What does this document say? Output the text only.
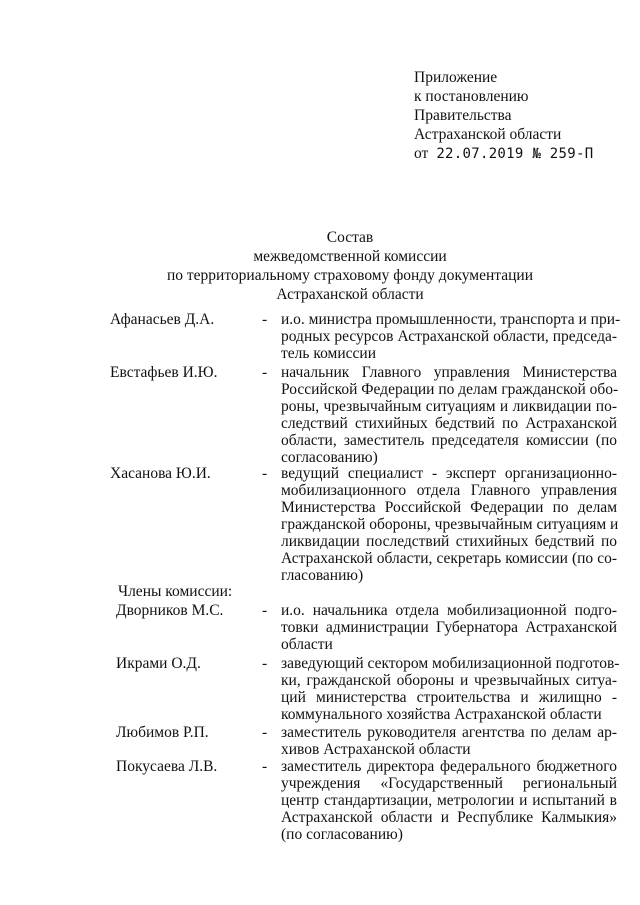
Приложение
к постановлению
Правительства
Астраханской области
от 22.07.2019 № 259-П
Состав
межведомственной комиссии
по территориальному страховому фонду документации
Астраханской области
Афанасьев Д.А.	- и.о. министра промышленности, транспорта и при-
родных ресурсов Астраханской области, председа-
тель комиссии
Евстафьев И.Ю.	- начальник Главного управления Министерства
Российской Федерации по делам гражданской обо-
роны, чрезвычайным ситуациям и ликвидации по-
следствий стихийных бедствий по Астраханской
области, заместитель председателя комиссии (по
согласованию)
Хасанова Ю.И.	- ведущий специалист - эксперт организационно-
мобилизационного отдела Главного управления
Министерства Российской Федерации по делам
гражданской обороны, чрезвычайным ситуациям и
ликвидации последствий стихийных бедствий по
Астраханской области, секретарь комиссии (по со-
гласованию)
Члены комиссии:
Дворников М.С. - и.о. начальника отдела мобилизационной подго-
товки администрации Губернатора Астраханской
области
Икрами О.Д.	- заведующий сектором мобилизационной подготов-
ки, гражданской обороны и чрезвычайных ситуа-
ций министерства строительства и жилищно -
коммунального хозяйства Астраханской области
Любимов Р.П.	- заместитель руководителя агентства по делам ар-
хивов Астраханской области
Покусаева Л.В.	- заместитель директора федерального бюджетного
учреждения «Государственный региональный
центр стандартизации, метрологии и испытаний в
Астраханской области и Республике Калмыкия»
(по согласованию)
